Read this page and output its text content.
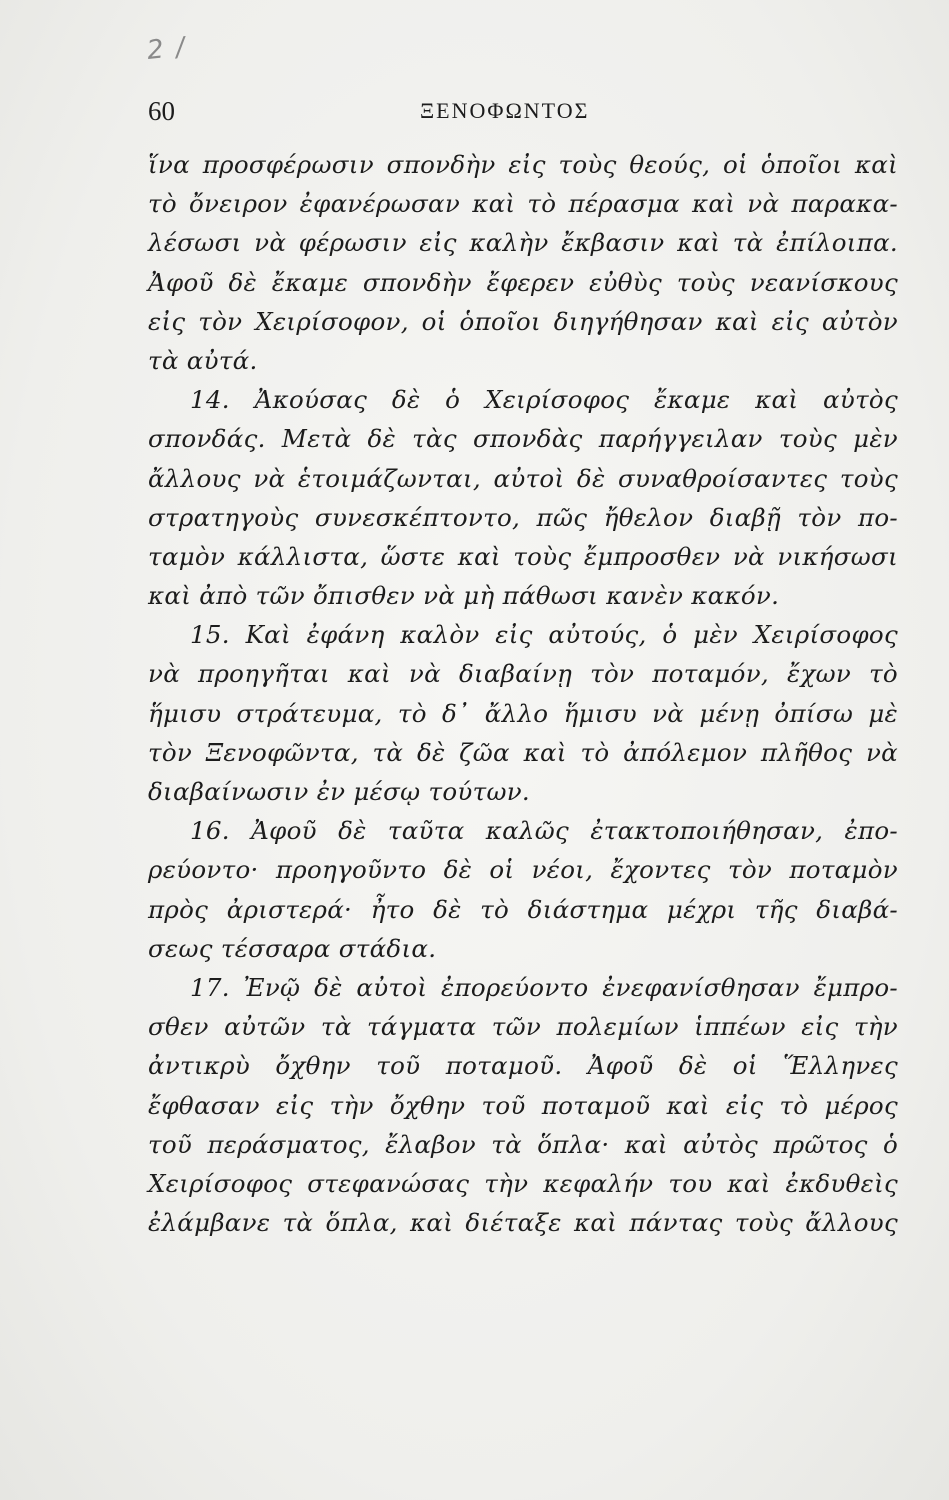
2 /
60	ΞΕΝΟΦΩΝΤΟΣ
ἵνα προσφέρωσιν σπονδὴν εἰς τοὺς θεούς, οἱ ὁποῖοι καὶ
τὸ ὄνειρον ἐφανέρωσαν καὶ τὸ πέρασμα καὶ νὰ παρακα-
λέσωσι νὰ φέρωσιν εἰς καλὴν ἔκβασιν καὶ τὰ ἐπίλοιπα.
Ἀφοῦ δὲ ἔκαμε σπονδὴν ἔφερεν εὐθὺς τοὺς νεανίσκους
εἰς τὸν Χειρίσοφον, οἱ ὁποῖοι διηγήθησαν καὶ εἰς αὐτὸν
τὰ αὐτά.
14. Ἀκούσας δὲ ὁ Χειρίσοφος ἔκαμε καὶ αὐτὸς
σπονδάς. Μετὰ δὲ τὰς σπονδὰς παρήγγειλαν τοὺς μὲν
ἄλλους νὰ ἑτοιμάζωνται, αὐτοὶ δὲ συναθροίσαντες τοὺς
στρατηγοὺς συνεσκέπτοντο, πῶς ἤθελον διαβῇ τὸν πο-
ταμὸν κάλλιστα, ὥστε καὶ τοὺς ἔμπροσθεν νὰ νικήσωσι
καὶ ἀπὸ τῶν ὄπισθεν νὰ μὴ πάθωσι κανὲν κακόν.
15. Καὶ ἐφάνη καλὸν εἰς αὐτούς, ὁ μὲν Χειρίσοφος
νὰ προηγῆται καὶ νὰ διαβαίνῃ τὸν ποταμόν, ἔχων τὸ
ἥμισυ στράτευμα, τὸ δ᾽ ἄλλο ἥμισυ νὰ μένῃ ὀπίσω μὲ
τὸν Ξενοφῶντα, τὰ δὲ ζῶα καὶ τὸ ἀπόλεμον πλῆθος νὰ
διαβαίνωσιν ἐν μέσῳ τούτων.
16. Ἀφοῦ δὲ ταῦτα καλῶς ἐτακτοποιήθησαν, ἐπο-
ρεύοντο· προηγοῦντο δὲ οἱ νέοι, ἔχοντες τὸν ποταμὸν
πρὸς ἀριστερά· ἦτο δὲ τὸ διάστημα μέχρι τῆς διαβά-
σεως τέσσαρα στάδια.
17. Ἐνῷ δὲ αὐτοὶ ἐπορεύοντο ἐνεφανίσθησαν ἔμπρο-
σθεν αὐτῶν τὰ τάγματα τῶν πολεμίων ἱππέων εἰς τὴν
ἀντικρὺ ὄχθην τοῦ ποταμοῦ. Ἀφοῦ δὲ οἱ Ἕλληνες
ἔφθασαν εἰς τὴν ὄχθην τοῦ ποταμοῦ καὶ εἰς τὸ μέρος
τοῦ περάσματος, ἔλαβον τὰ ὅπλα· καὶ αὐτὸς πρῶτος ὁ
Χειρίσοφος στεφανώσας τὴν κεφαλήν του καὶ ἐκδυθεὶς
ἐλάμβανε τὰ ὅπλα, καὶ διέταξε καὶ πάντας τοὺς ἄλλους
